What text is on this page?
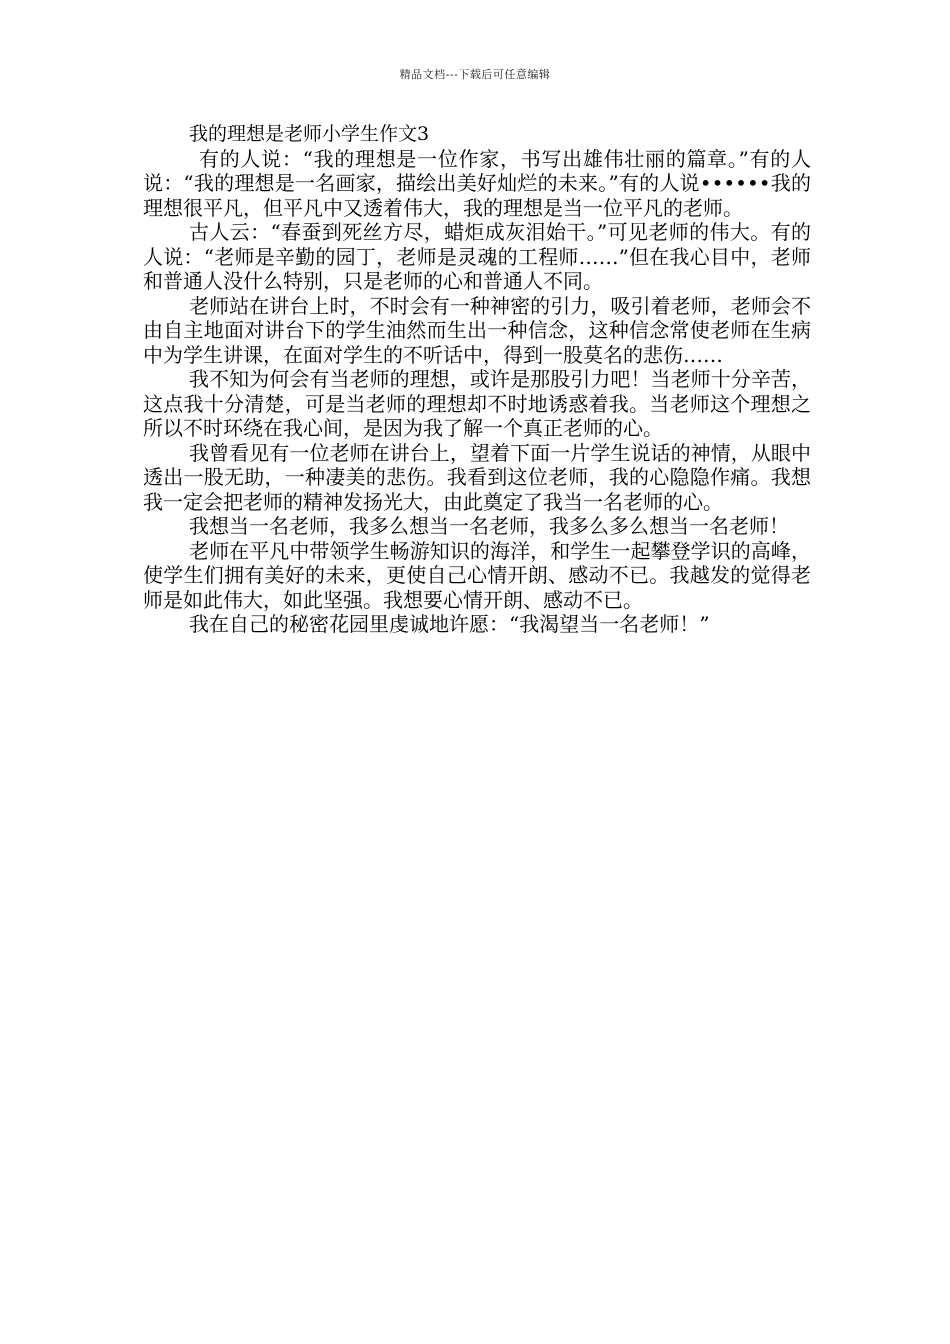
精品文档---下载后可任意编辑
我的理想是老师小学生作文3

有的人说：“我的理想是一位作家，书写出雄伟壮丽的篇章。”有的人说：“我的理想是一名画家，描绘出美好灿烂的未来。”有的人说••••••我的理想很平凡，但平凡中又透着伟大，我的理想是当一位平凡的老师。

古人云：“春蚕到死丝方尽，蜡炬成灰泪始干。”可见老师的伟大。有的人说：“老师是辛勤的园丁，老师是灵魂的工程师……”但在我心目中，老师和普通人没什么特别，只是老师的心和普通人不同。

老师站在讲台上时，不时会有一种神密的引力，吸引着老师，老师会不由自主地面对讲台下的学生油然而生出一种信念，这种信念常使老师在生病中为学生讲课，在面对学生的不听话中，得到一股莫名的悲伤……

我不知为何会有当老师的理想，或许是那股引力吧！当老师十分辛苦，这点我十分清楚，可是当老师的理想却不时地诱惑着我。当老师这个理想之所以不时环绕在我心间，是因为我了解一个真正老师的心。

我曾看见有一位老师在讲台上，望着下面一片学生说话的神情，从眼中透出一股无助，一种凄美的悲伤。我看到这位老师，我的心隐隐作痛。我想我一定会把老师的精神发扬光大，由此奠定了我当一名老师的心。

我想当一名老师，我多么想当一名老师，我多么多么想当一名老师！

老师在平凡中带领学生畅游知识的海洋，和学生一起攀登学识的高峰，使学生们拥有美好的未来，更使自己心情开朗、感动不已。我越发的觉得老师是如此伟大，如此坚强。我想要心情开朗、感动不已。

我在自己的秘密花园里虔诚地许愿：“我渴望当一名老师！”
